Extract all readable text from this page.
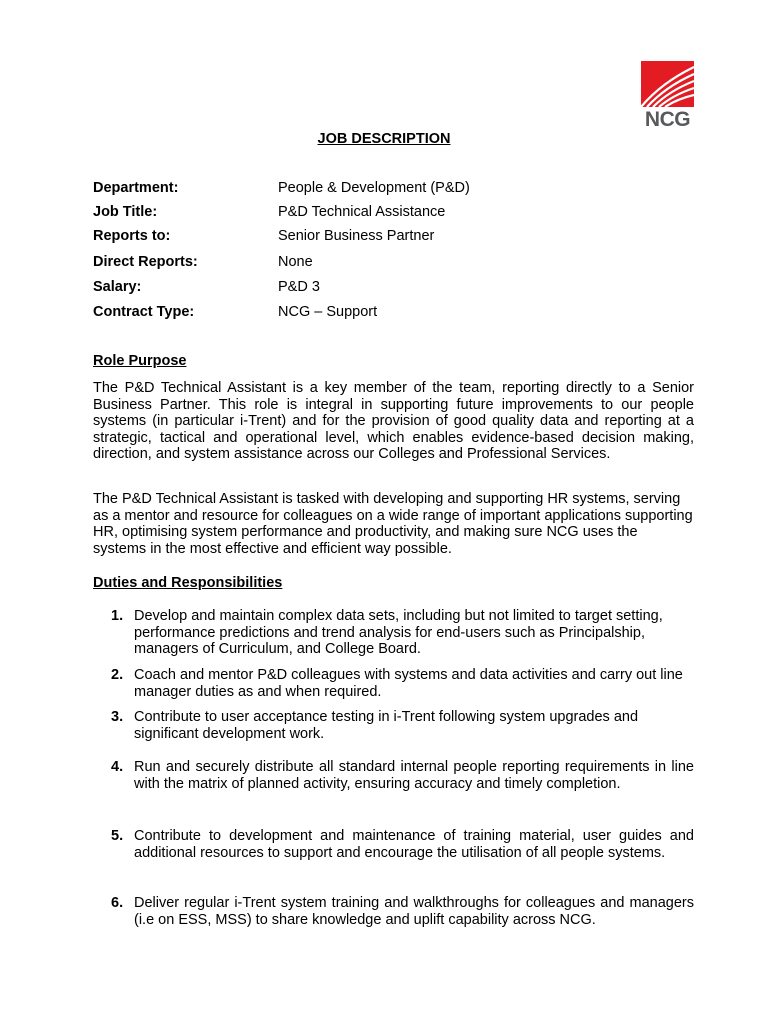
NCG
JOB DESCRIPTION
Department:	People & Development (P&D)
Job Title:	P&D Technical Assistance
Reports to:	Senior Business Partner
Direct Reports:	None
Salary:	P&D 3
Contract Type:	NCG – Support
Role Purpose
The P&D Technical Assistant is a key member of the team, reporting directly to a Senior Business Partner. This role is integral in supporting future improvements to our people systems (in particular i-Trent) and for the provision of good quality data and reporting at a strategic, tactical and operational level, which enables evidence-based decision making, direction, and system assistance across our Colleges and Professional Services.
The P&D Technical Assistant is tasked with developing and supporting HR systems, serving as a mentor and resource for colleagues on a wide range of important applications supporting HR, optimising system performance and productivity, and making sure NCG uses the systems in the most effective and efficient way possible.
Duties and Responsibilities
1. Develop and maintain complex data sets, including but not limited to target setting, performance predictions and trend analysis for end-users such as Principalship, managers of Curriculum, and College Board.
2. Coach and mentor P&D colleagues with systems and data activities and carry out line manager duties as and when required.
3. Contribute to user acceptance testing in i-Trent following system upgrades and significant development work.
4. Run and securely distribute all standard internal people reporting requirements in line with the matrix of planned activity, ensuring accuracy and timely completion.
5. Contribute to development and maintenance of training material, user guides and additional resources to support and encourage the utilisation of all people systems.
6. Deliver regular i-Trent system training and walkthroughs for colleagues and managers (i.e on ESS, MSS) to share knowledge and uplift capability across NCG.
